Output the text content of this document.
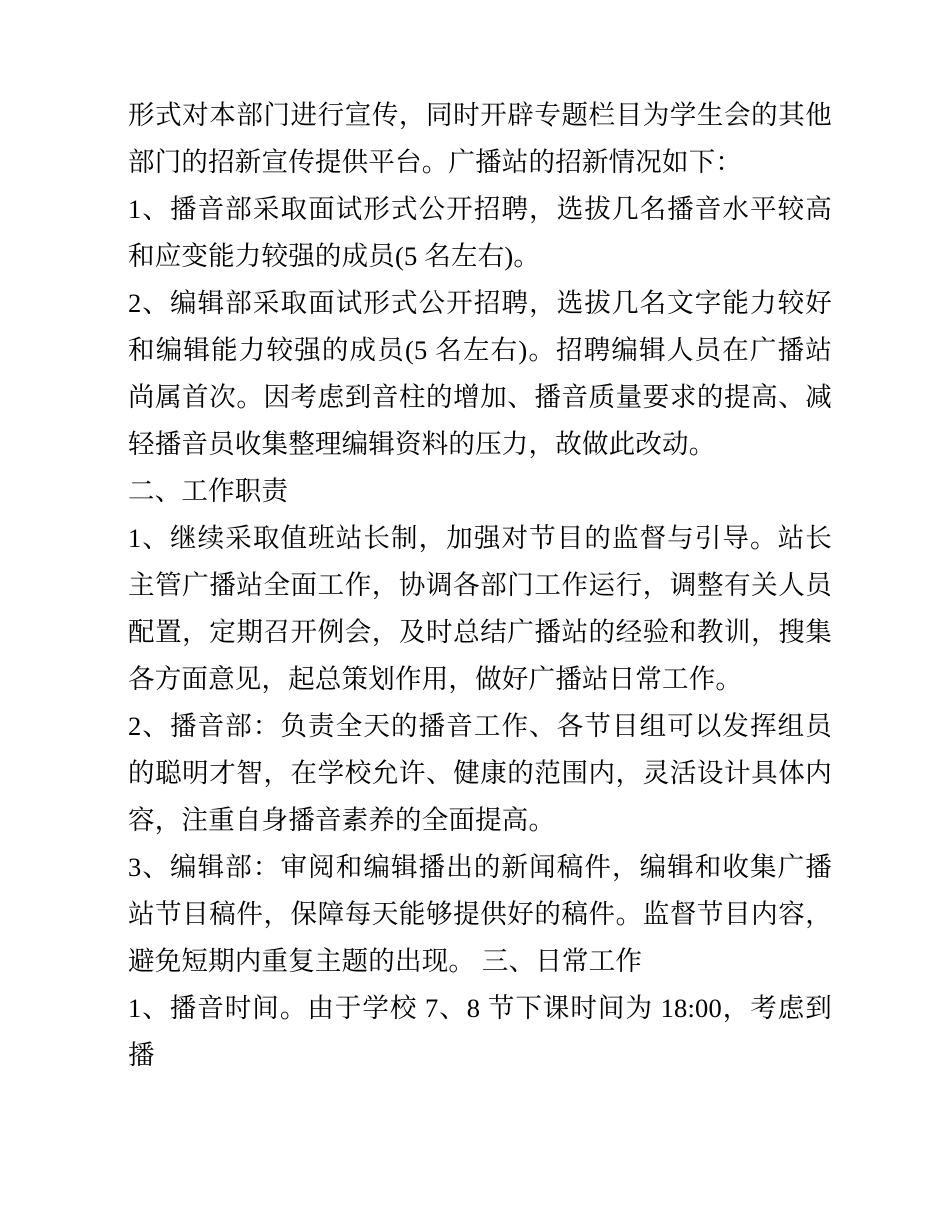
形式对本部门进行宣传，同时开辟专题栏目为学生会的其他部门的招新宣传提供平台。广播站的招新情况如下：

1、播音部采取面试形式公开招聘，选拔几名播音水平较高和应变能力较强的成员(5 名左右)。

2、编辑部采取面试形式公开招聘，选拔几名文字能力较好和编辑能力较强的成员(5 名左右)。招聘编辑人员在广播站尚属首次。因考虑到音柱的增加、播音质量要求的提高、减轻播音员收集整理编辑资料的压力，故做此改动。

二、工作职责

1、继续采取值班站长制，加强对节目的监督与引导。站长主管广播站全面工作，协调各部门工作运行，调整有关人员配置，定期召开例会，及时总结广播站的经验和教训，搜集各方面意见，起总策划作用，做好广播站日常工作。

2、播音部：负责全天的播音工作、各节目组可以发挥组员的聪明才智，在学校允许、健康的范围内，灵活设计具体内容，注重自身播音素养的全面提高。

3、编辑部：审阅和编辑播出的新闻稿件，编辑和收集广播站节目稿件，保障每天能够提供好的稿件。监督节目内容，避免短期内重复主题的出现。 三、日常工作

1、播音时间。由于学校 7、8 节下课时间为 18:00，考虑到播
